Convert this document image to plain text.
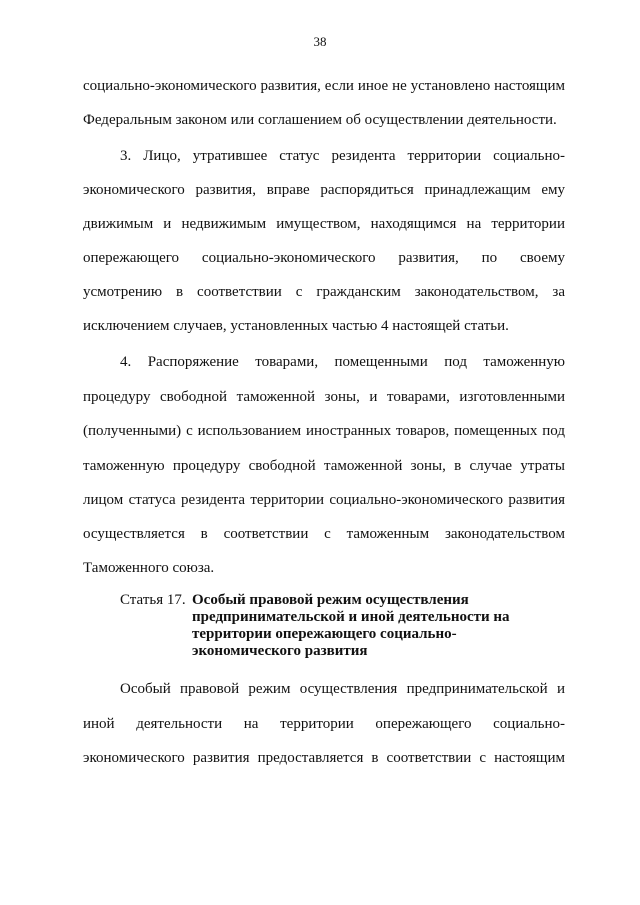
38
социально-экономического развития, если иное не установлено настоящим
Федеральным законом или соглашением об осуществлении деятельности.
3. Лицо, утратившее статус резидента территории социально-
экономического развития, вправе распорядиться принадлежащим ему
движимым и недвижимым имуществом, находящимся на территории
опережающего социально-экономического развития, по своему
усмотрению в соответствии с гражданским законодательством, за
исключением случаев, установленных частью 4 настоящей статьи.
4. Распоряжение товарами, помещенными под таможенную
процедуру свободной таможенной зоны, и товарами, изготовленными
(полученными) с использованием иностранных товаров, помещенных под
таможенную процедуру свободной таможенной зоны, в случае утраты
лицом статуса резидента территории социально-экономического развития
осуществляется в соответствии с таможенным законодательством
Таможенного союза.
Статья 17. Особый правовой режим осуществления
предпринимательской и иной деятельности на
территории опережающего социально-
экономического развития
Особый правовой режим осуществления предпринимательской и
иной деятельности на территории опережающего социально-
экономического развития предоставляется в соответствии с настоящим
